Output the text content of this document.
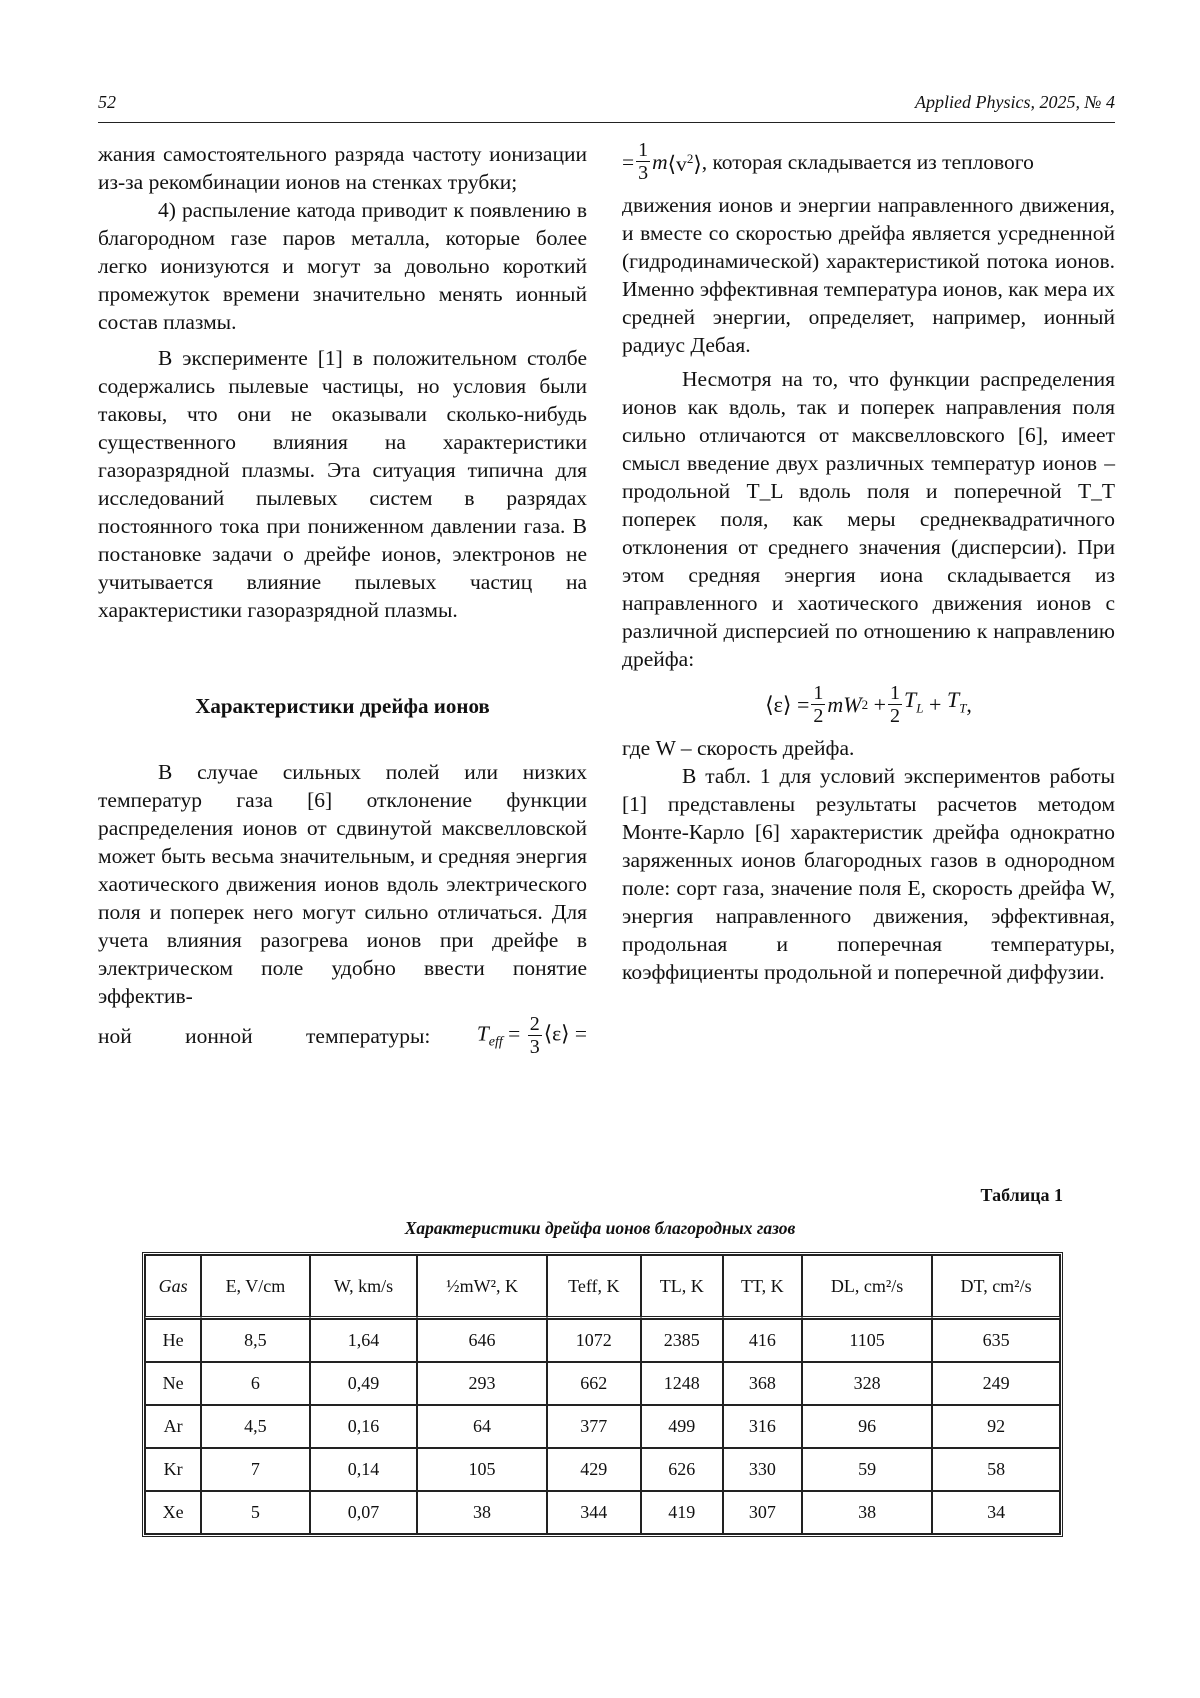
52	Applied Physics, 2025, № 4

жания самостоятельного разряда частоту ионизации из-за рекомбинации ионов на стенках трубки;

4) распыление катода приводит к появлению в благородном газе паров металла, которые более легко ионизуются и могут за довольно короткий промежуток времени значительно менять ионный состав плазмы.

В эксперименте [1] в положительном столбе содержались пылевые частицы, но условия были таковы, что они не оказывали сколько-нибудь существенного влияния на характеристики газоразрядной плазмы. Эта ситуация типична для исследований пылевых систем в разрядах постоянного тока при пониженном давлении газа. В постановке задачи о дрейфе ионов, электронов не учитывается влияние пылевых частиц на характеристики газоразрядной плазмы.

Характеристики дрейфа ионов

В случае сильных полей или низких температур газа [6] отклонение функции распределения ионов от сдвинутой максвелловской может быть весьма значительным, и средняя энергия хаотического движения ионов вдоль электрического поля и поперек него могут сильно отличаться. Для учета влияния разогрева ионов при дрейфе в электрическом поле удобно ввести понятие эффектив-

ной ионной температуры: $T_{eff} = \frac{2}{3}$ ⟨ε⟩ =
= $\frac{1}{3}$ m $⟨v^2⟩$ , которая складывается из теплового

движения ионов и энергии направленного движения, и вместе со скоростью дрейфа является усредненной (гидродинамической) характеристикой потока ионов. Именно эффективная температура ионов, как мера их средней энергии, определяет, например, ионный радиус Дебая.

Несмотря на то, что функции распределения ионов как вдоль, так и поперек направления поля сильно отличаются от максвелловского [6], имеет смысл введение двух различных температур ионов – продольной T_L вдоль поля и поперечной T_T поперек поля, как меры среднеквадратичного отклонения от среднего значения (дисперсии). При этом средняя энергия иона складывается из направленного и хаотического движения ионов с различной дисперсией по отношению к направлению дрейфа:

⟨ε⟩ = $\frac{1}{2}$ mW $2 + \frac{1}{2} T_L + T_T$ ,

где W – скорость дрейфа.

В табл. 1 для условий экспериментов работы [1] представлены результаты расчетов методом Монте-Карло [6] характеристик дрейфа однократно заряженных ионов благородных газов в однородном поле: сорт газа, значение поля E, скорость дрейфа W, энергия направленного движения, эффективная, продольная и поперечная температуры, коэффициенты продольной и поперечной диффузии.

Таблица 1
Характеристики дрейфа ионов благородных газов
Gas	E, V/cm	W, km/s	½mW², K	Teff, K	TL, K	TT, K	DL, cm²/s	DT, cm²/s
He	8,5	1,64	646	1072	2385	416	1105	635
Ne	6	0,49	293	662	1248	368	328	249
Ar	4,5	0,16	64	377	499	316	96	92
Kr	7	0,14	105	429	626	330	59	58
Xe	5	0,07	38	344	419	307	38	34
